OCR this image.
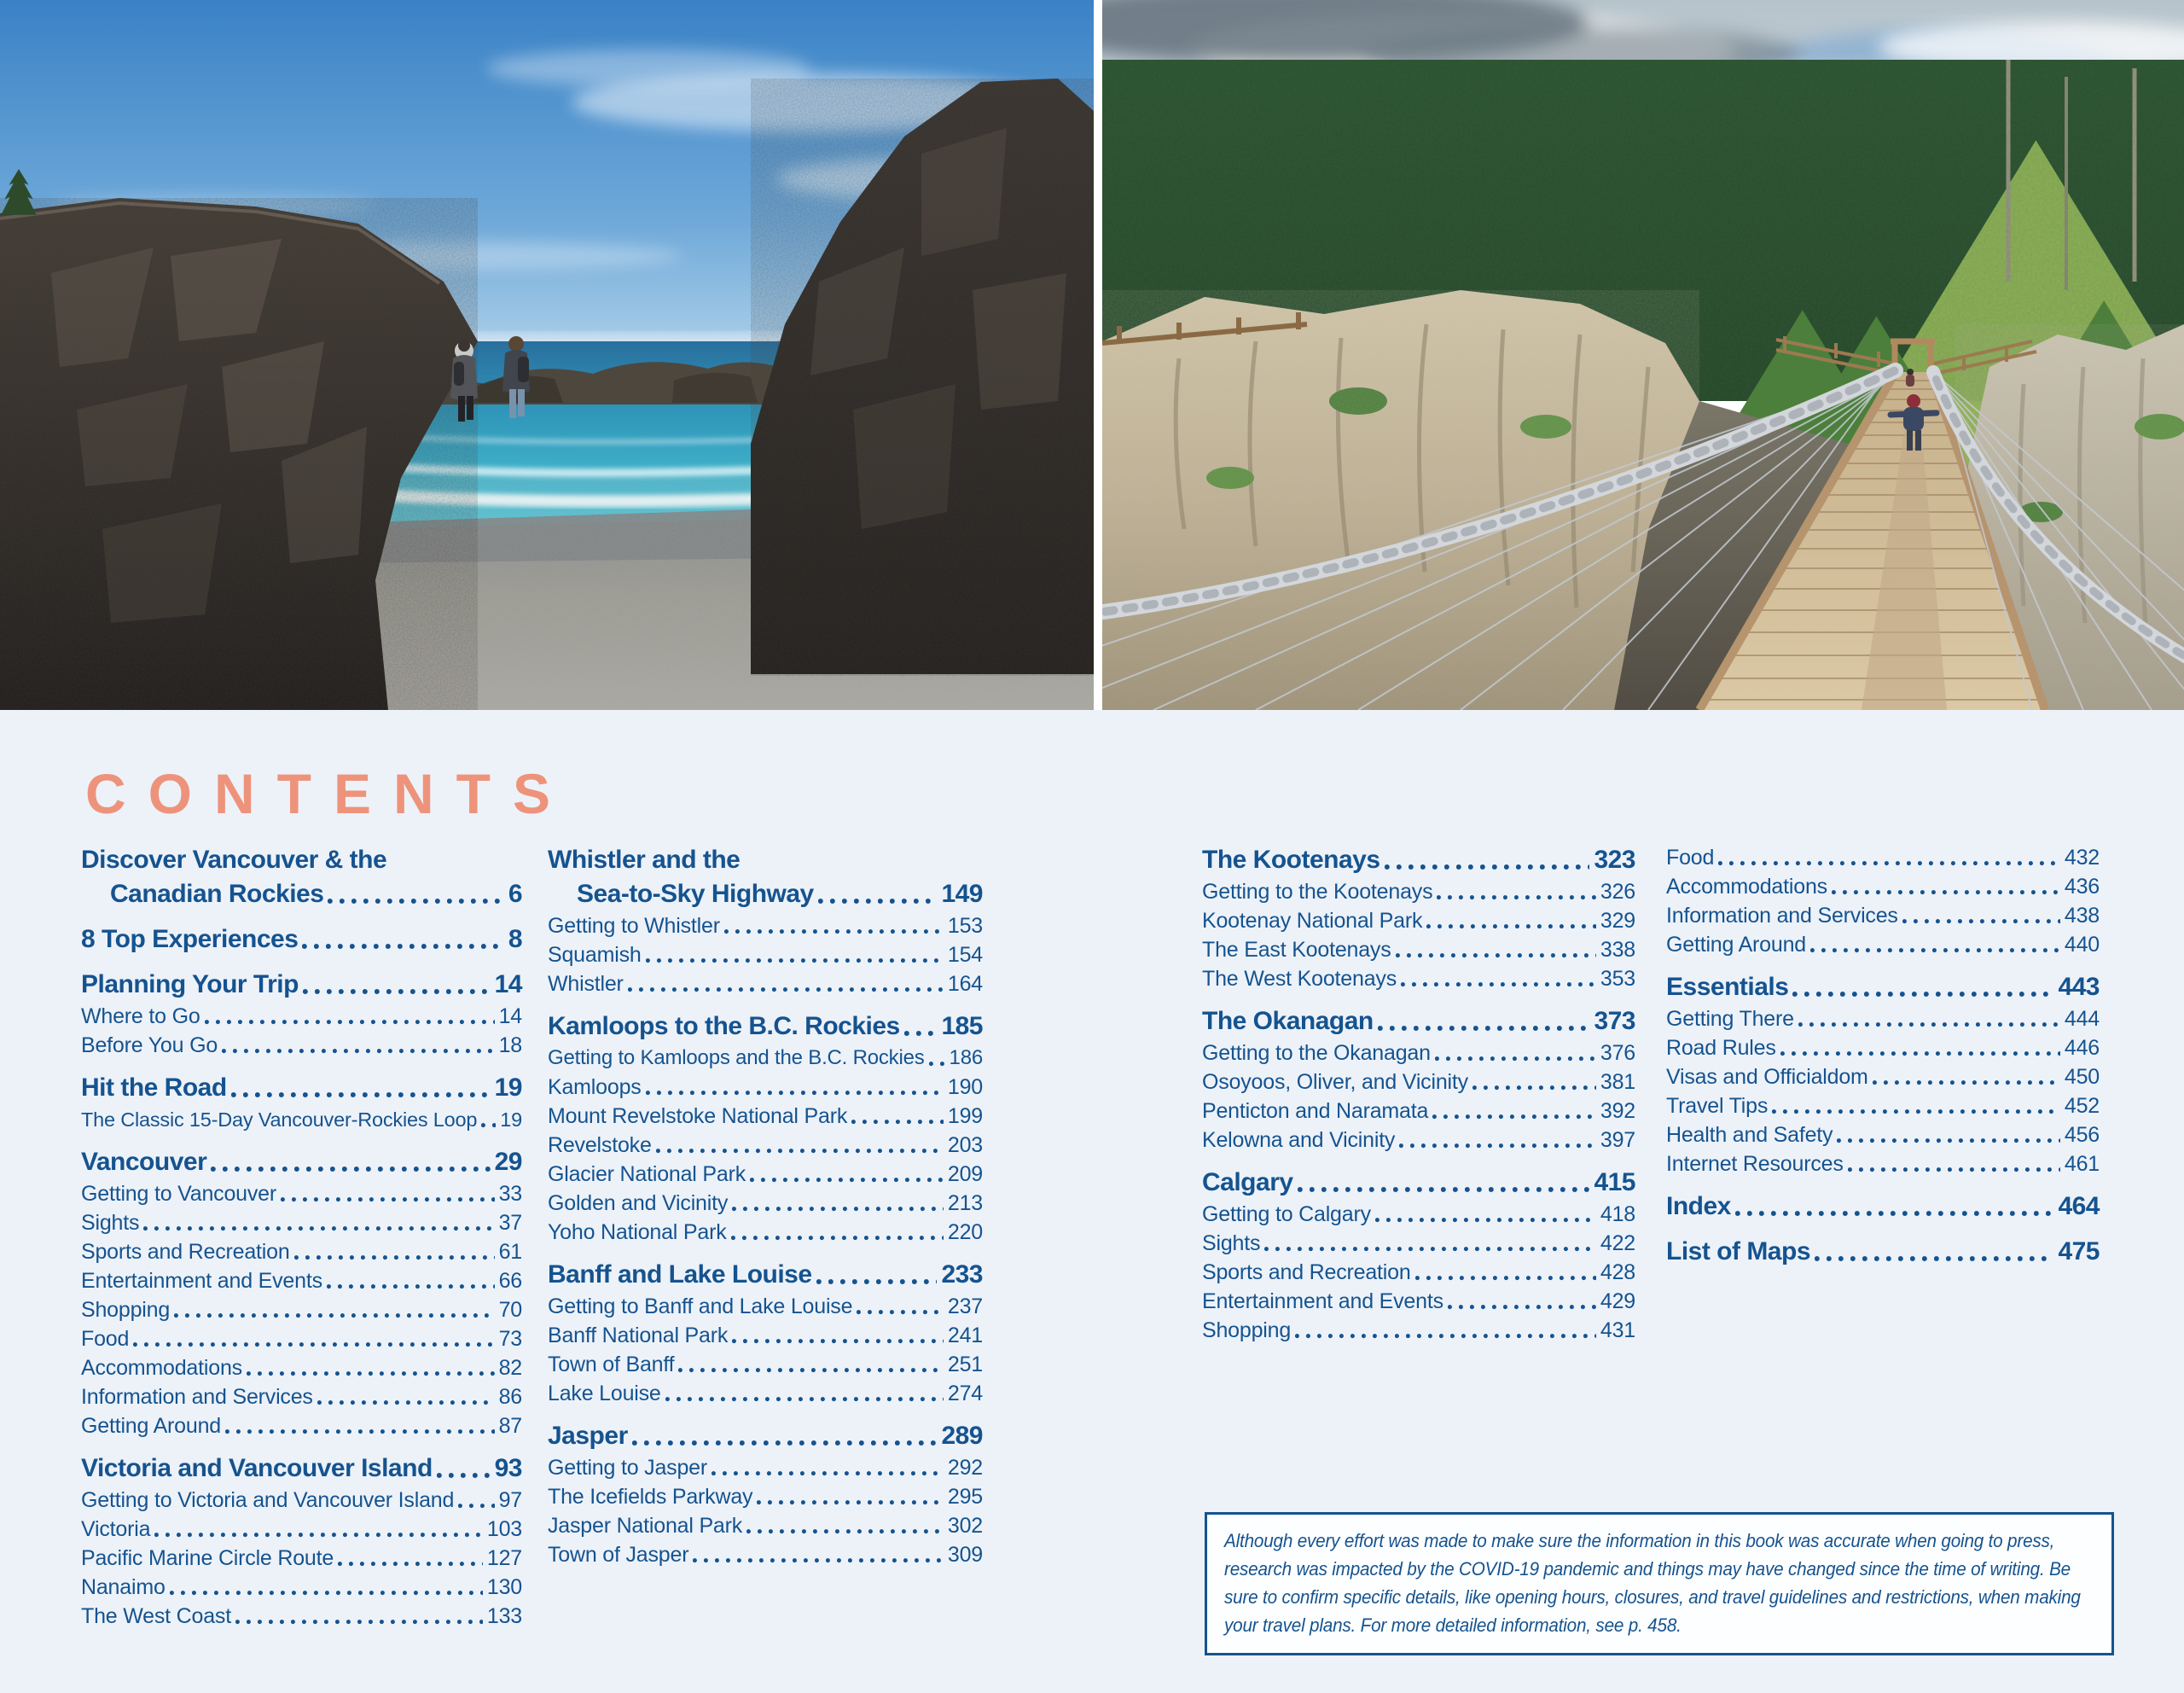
CONTENTS
Discover Vancouver & the
Canadian Rockies	6
8 Top Experiences	8
Planning Your Trip	14
Where to Go	14
Before You Go	18
Hit the Road	19
The Classic 15-Day Vancouver-Rockies Loop 19
Vancouver	29
Getting to Vancouver	33
Sights	37
Sports and Recreation	61
Entertainment and Events	66
Shopping	70
Food	73
Accommodations	82
Information and Services	86
Getting Around	87
Victoria and Vancouver Island 93
Getting to Victoria and Vancouver Island 97
Victoria	103
Pacific Marine Circle Route	127
Nanaimo	130
The West Coast	133
Whistler and the
Sea-to-Sky Highway	149
Getting to Whistler	153
Squamish	154
Whistler	164
Kamloops to the B.C. Rockies 185
Getting to Kamloops and the B.C. Rockies 186
Kamloops	190
Mount Revelstoke National Park	199
Revelstoke	203
Glacier National Park	209
Golden and Vicinity	213
Yoho National Park	220
Banff and Lake Louise	233
Getting to Banff and Lake Louise	237
Banff National Park	241
Town of Banff	251
Lake Louise	274
Jasper	289
Getting to Jasper	292
The Icefields Parkway	295
Jasper National Park	302
Town of Jasper	309
The Kootenays	323
Getting to the Kootenays	326
Kootenay National Park	329
The East Kootenays	338
The West Kootenays	353
The Okanagan	373
Getting to the Okanagan	376
Osoyoos, Oliver, and Vicinity	381
Penticton and Naramata	392
Kelowna and Vicinity	397
Calgary	415
Getting to Calgary	418
Sights	422
Sports and Recreation	428
Entertainment and Events	429
Shopping	431
Food	432
Accommodations	436
Information and Services	438
Getting Around	440
Essentials	443
Getting There	444
Road Rules	446
Visas and Officialdom	450
Travel Tips	452
Health and Safety	456
Internet Resources	461
Index	464
List of Maps	475
Although every effort was made to make sure the information in this book was accurate when going to press, research was impacted by the COVID-19 pandemic and things may have changed since the time of writing. Be sure to confirm specific details, like opening hours, closures, and travel guidelines and restrictions, when making your travel plans. For more detailed information, see p. 458.
